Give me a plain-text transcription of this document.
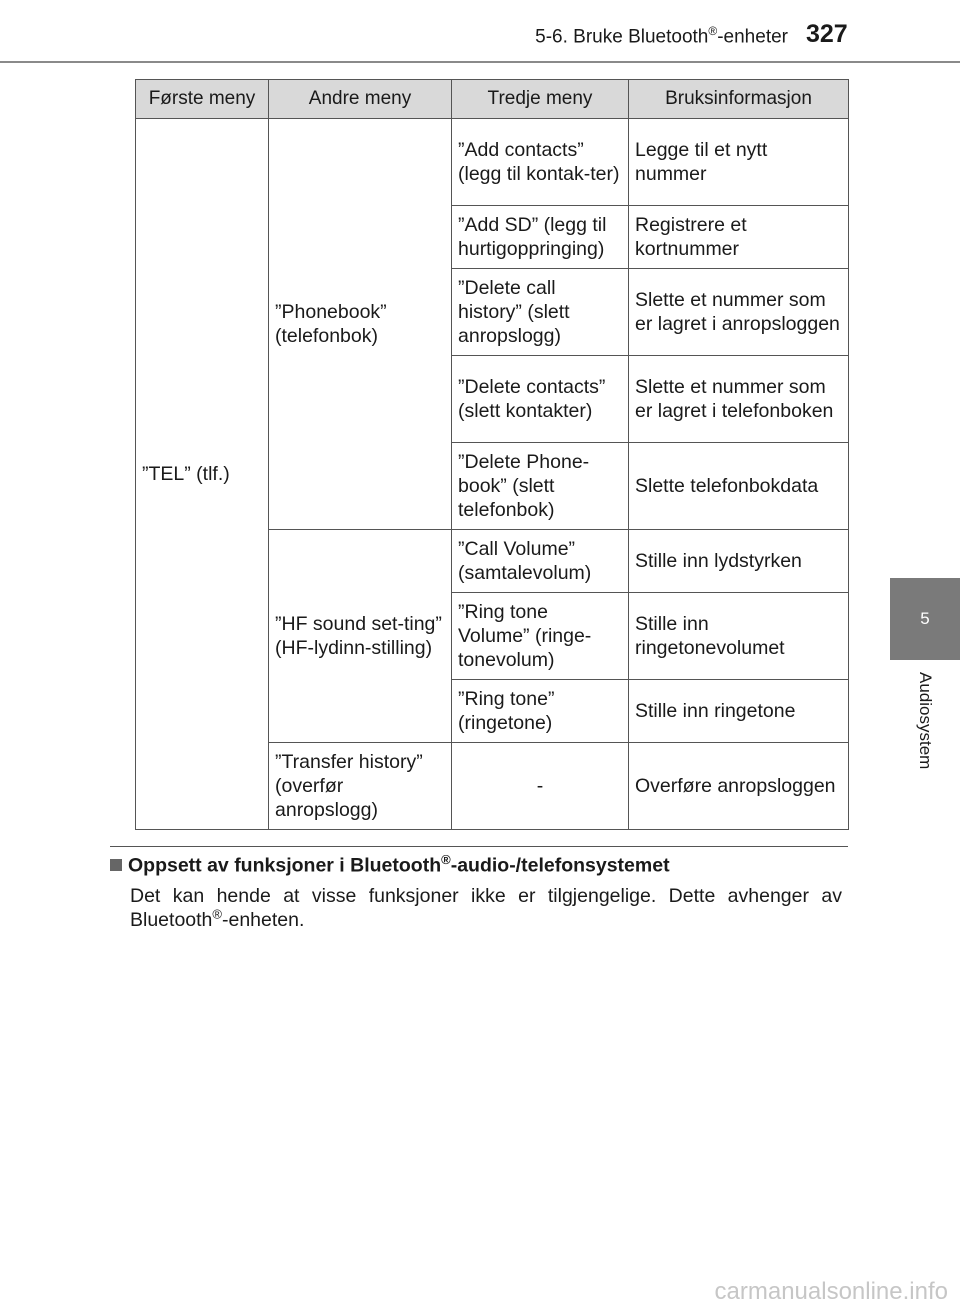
5-6. Bruke Bluetooth®-enheter 327
5
Audiosystem
Første meny	Andre meny	Tredje meny	Bruksinformasjon
”TEL” (tlf.)	”Phonebook” (telefonbok)	”Add contacts” (legg til kontak-ter)	Legge til et nytt nummer
		”Add SD” (legg til hurtigoppringing)	Registrere et kortnummer
		”Delete call history” (slett anropslogg)	Slette et nummer som er lagret i anropsloggen
		”Delete contacts” (slett kontakter)	Slette et nummer som er lagret i telefonboken
		”Delete Phone-book” (slett telefonbok)	Slette telefonbokdata
	”HF sound set-ting” (HF-lydinn-stilling)	”Call Volume” (samtalevolum)	Stille inn lydstyrken
		”Ring tone Volume” (ringe-tonevolum)	Stille inn ringetonevolumet
		”Ring tone” (ringetone)	Stille inn ringetone
	”Transfer history” (overfør anropslogg)	-	Overføre anropsloggen
Oppsett av funksjoner i Bluetooth®-audio-/telefonsystemet
Det kan hende at visse funksjoner ikke er tilgjengelige. Dette avhenger av Bluetooth®-enheten.
carmanualsonline.info
